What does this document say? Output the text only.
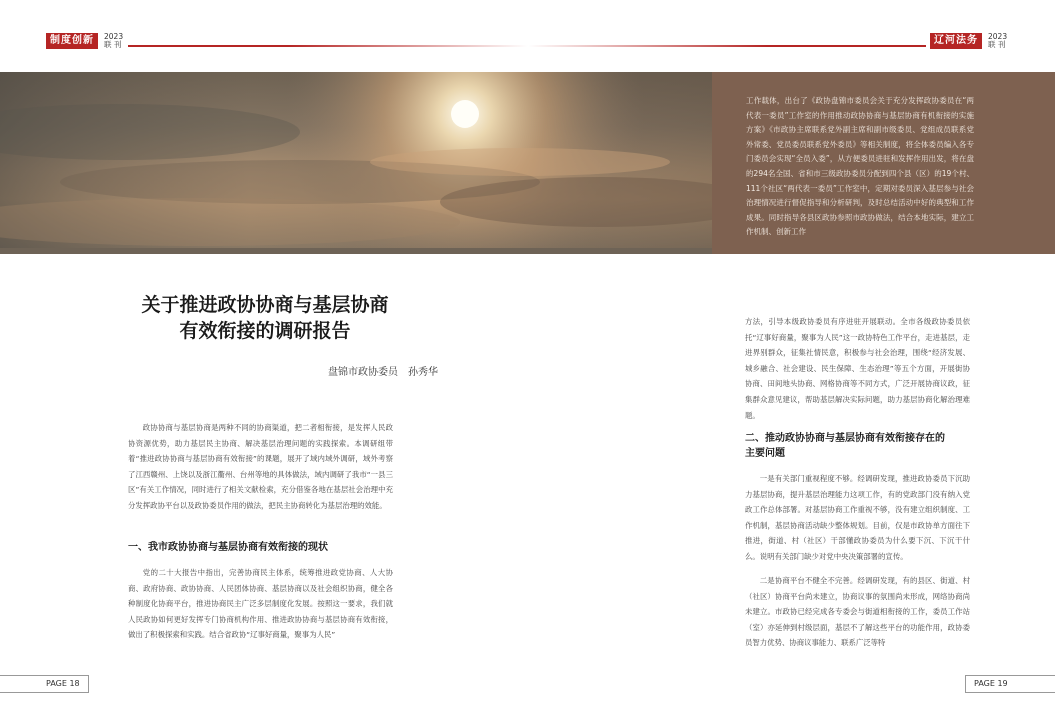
制度创新	2023
联 刊	辽河法务	2023
联 刊

工作载体，出台了《政协盘锦市委员会关于充分发挥政协委员在“两代表一委员”工作室的作用推动政协协商与基层协商有机衔接的实施方案》《市政协主席联系党外副主席和副市级委员、党组成员联系党外常委、党员委员联系党外委员》等相关制度，将全体委员编入各专门委员会实现“全员入委”，从方便委员进驻和发挥作用出发，将在盘的294名全国、省和市三级政协委员分配到四个县（区）的19个村、111个社区“两代表一委员”工作室中，定期对委员深入基层参与社会治理情况进行督促指导和分析研判，及时总结活动中好的典型和工作成果。同时指导各县区政协参照市政协做法，结合本地实际，建立工作机制、创新工作

关于推进政协协商与基层协商
有效衔接的调研报告
盘锦市政协委员　孙秀华

政协协商与基层协商是两种不同的协商渠道，把二者相衔接，是发挥人民政协资源优势，助力基层民主协商、解决基层治理问题的实践探索。本调研组带着“推进政协协商与基层协商有效衔接”的课题，展开了域内域外调研，域外考察了江西赣州、上饶以及浙江衢州、台州等地的具体做法，域内调研了我市“一县三区”有关工作情况，同时进行了相关文献检索，充分借鉴各地在基层社会治理中充分发挥政协平台以及政协委员作用的做法，把民主协商转化为基层治理的效能。

一、我市政协协商与基层协商有效衔接的现状

党的二十大报告中指出，完善协商民主体系，统筹推进政党协商、人大协商、政府协商、政协协商、人民团体协商、基层协商以及社会组织协商，健全各种制度化协商平台，推进协商民主广泛多层制度化发展。按照这一要求，我们就人民政协如何更好发挥专门协商机构作用、推进政协协商与基层协商有效衔接，做出了积极探索和实践。结合省政协“辽事好商量，聚事为人民”

方法，引导本级政协委员有序进驻开展联动。全市各级政协委员依托“辽事好商量，聚事为人民”这一政协特色工作平台，走进基层，走进界别群众，征集社情民意，积极参与社会治理，围绕“经济发展、城乡融合、社会建设、民生保障、生态治理”等五个方面，开展街协协商、田间地头协商、网格协商等不同方式，广泛开展协商议政，征集群众意见建议，帮助基层解决实际问题，助力基层协商化解治理难题。

二、推动政协协商与基层协商有效衔接存在的

主要问题

一是有关部门重视程度不够。经调研发现，推进政协委员下沉助力基层协商，提升基层治理能力这项工作，有的党政部门没有纳入党政工作总体部署。对基层协商工作重视不够，没有建立组织制度、工作机制，基层协商活动缺少整体规划。目前，仅是市政协单方面往下推进，街道、村（社区）干部懂政协委员为什么要下沉、下沉干什么。说明有关部门缺少对党中央决策部署的宣传。

二是协商平台不健全不完善。经调研发现，有的县区、街道、村（社区）协商平台尚未建立，协商议事的氛围尚未形成，网络协商尚未建立。市政协已经完成各专委会与街道相衔接的工作，委员工作站（室）亦延伸到村级层面，基层不了解这些平台的功能作用，政协委员智力优势、协商议事能力、联系广泛等特

PAGE 18	PAGE 19
